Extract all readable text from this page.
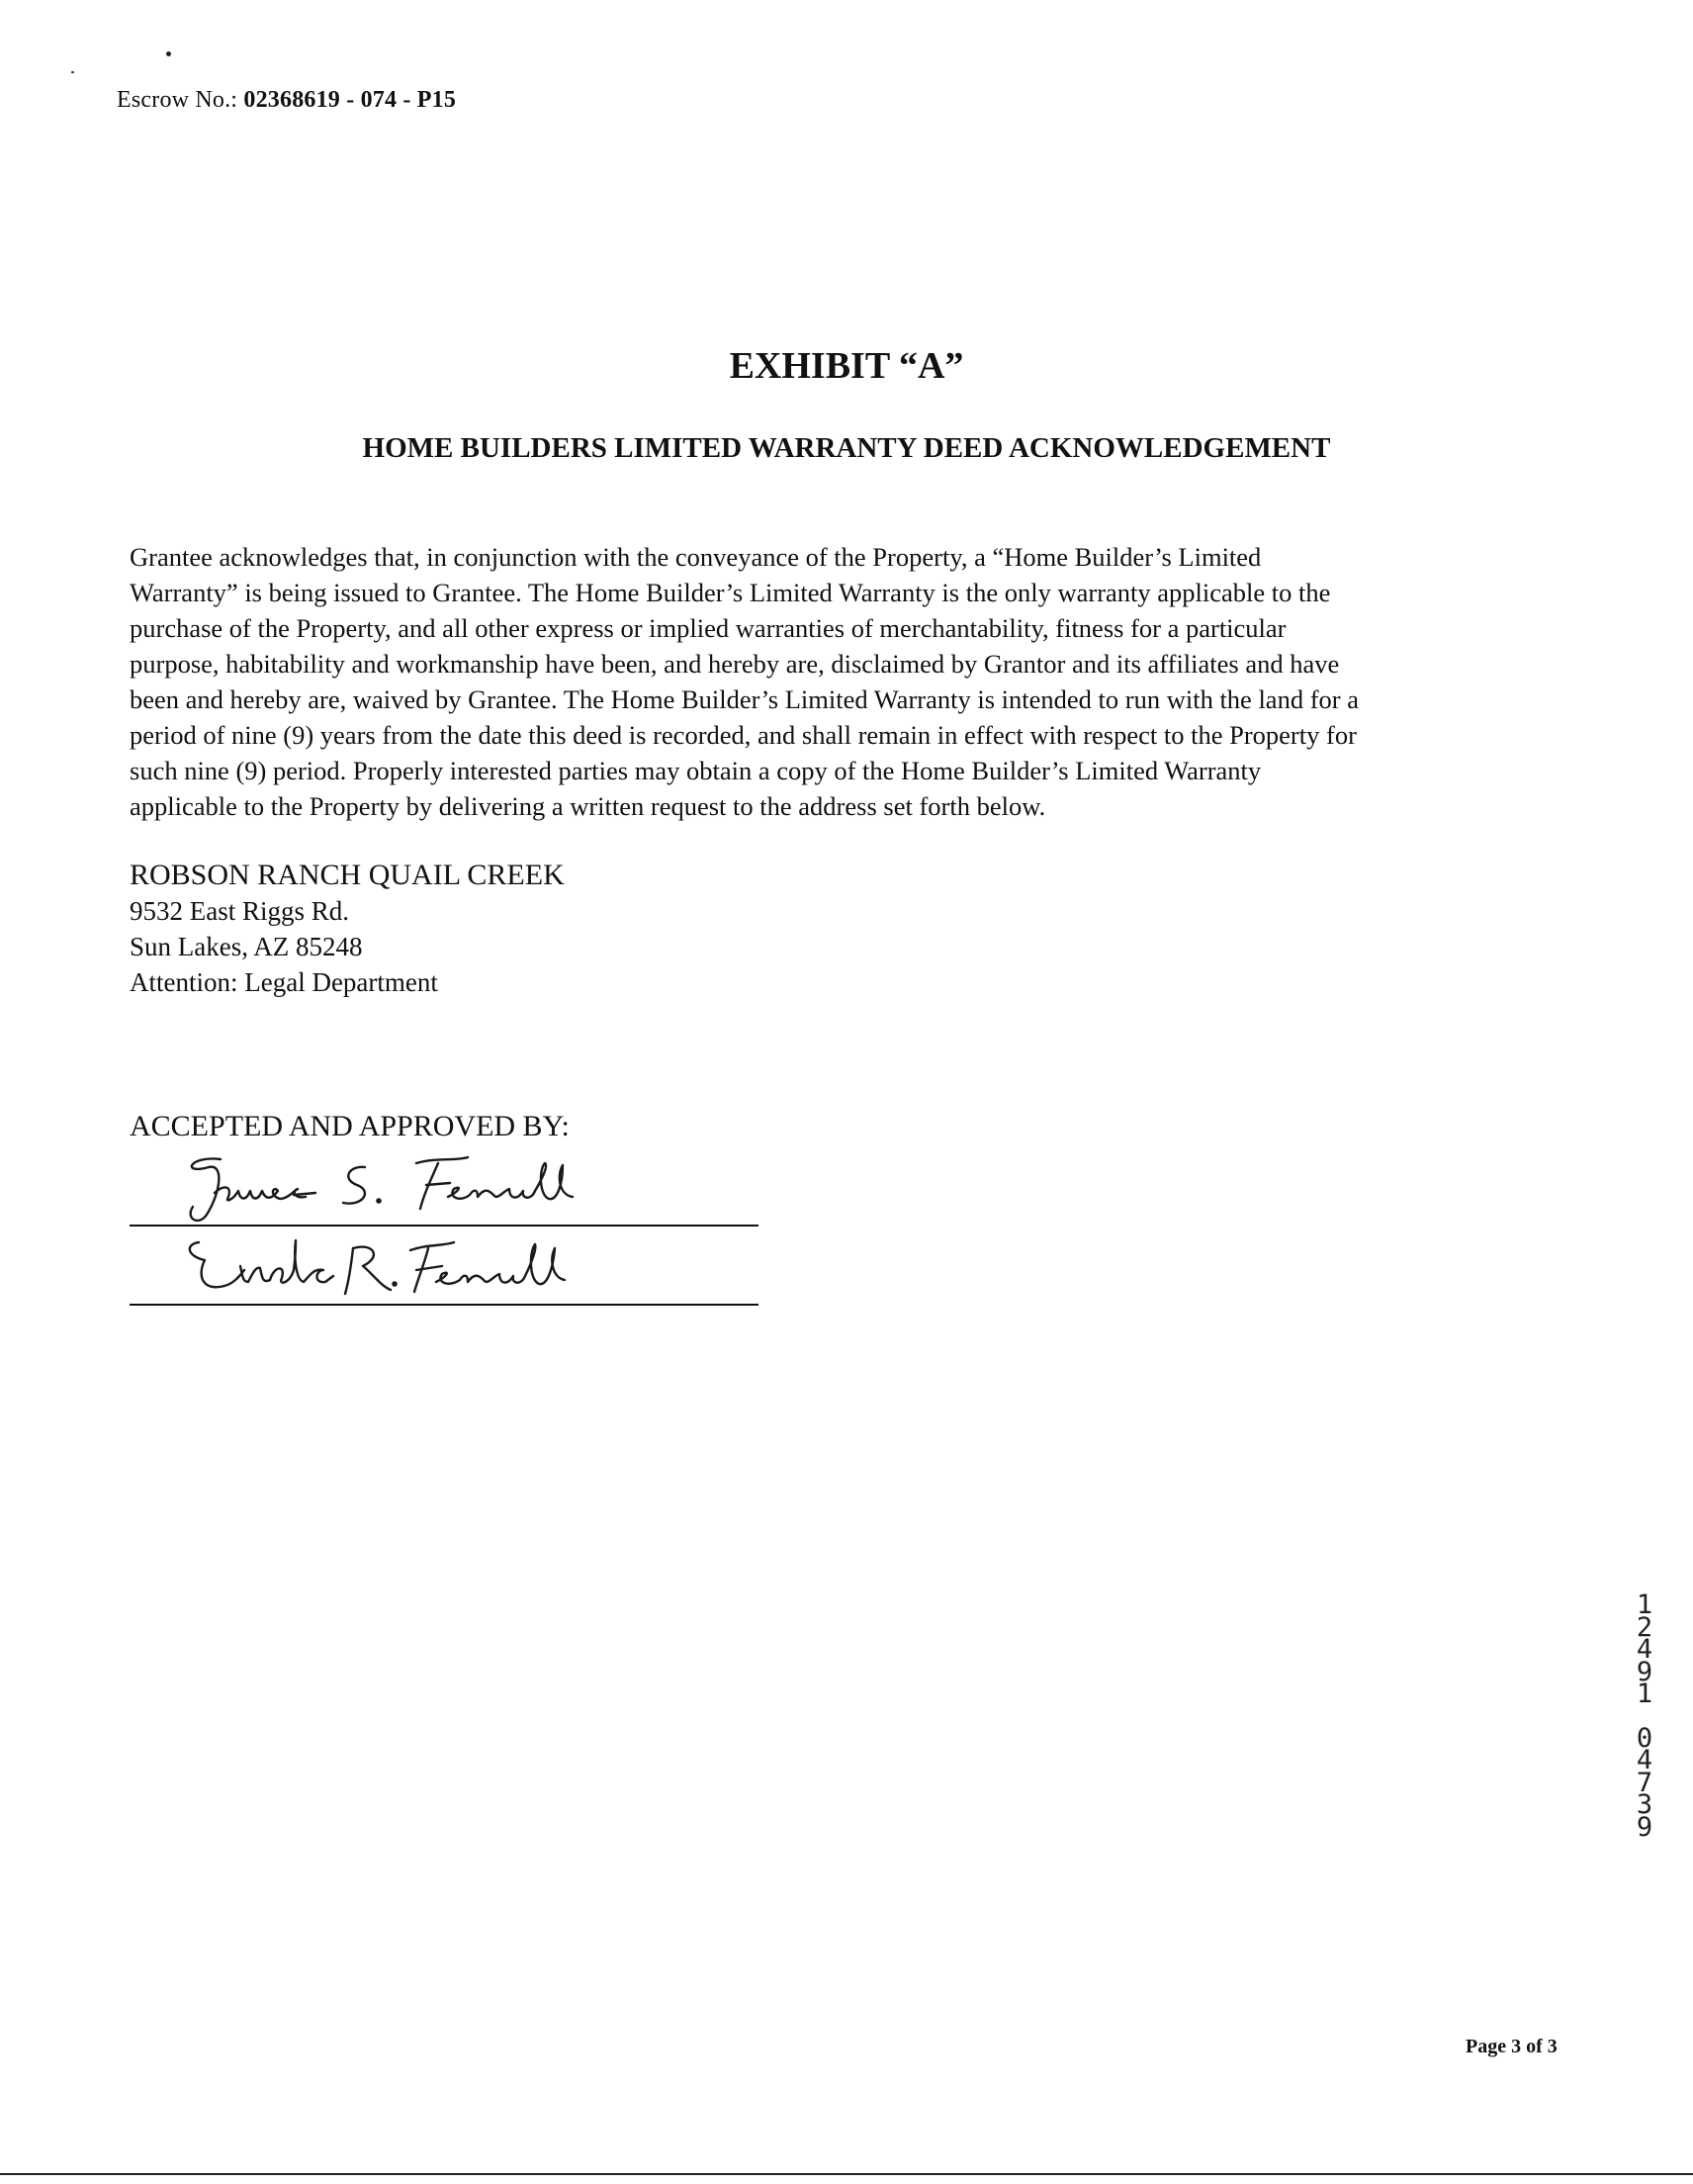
Escrow No.: 02368619 - 074 - P15
EXHIBIT “A”
HOME BUILDERS LIMITED WARRANTY DEED ACKNOWLEDGEMENT
Grantee acknowledges that, in conjunction with the conveyance of the Property, a “Home Builder’s Limited
Warranty” is being issued to Grantee. The Home Builder’s Limited Warranty is the only warranty applicable to the
purchase of the Property, and all other express or implied warranties of merchantability, fitness for a particular
purpose, habitability and workmanship have been, and hereby are, disclaimed by Grantor and its affiliates and have
been and hereby are, waived by Grantee. The Home Builder’s Limited Warranty is intended to run with the land for a
period of nine (9) years from the date this deed is recorded, and shall remain in effect with respect to the Property for
such nine (9) period. Properly interested parties may obtain a copy of the Home Builder’s Limited Warranty
applicable to the Property by delivering a written request to the address set forth below.
ROBSON RANCH QUAIL CREEK
9532 East Riggs Rd.
Sun Lakes, AZ 85248
Attention: Legal Department
ACCEPTED AND APPROVED BY:
1
2
4
9
1
0
4
7
3
9
Page 3 of 3
